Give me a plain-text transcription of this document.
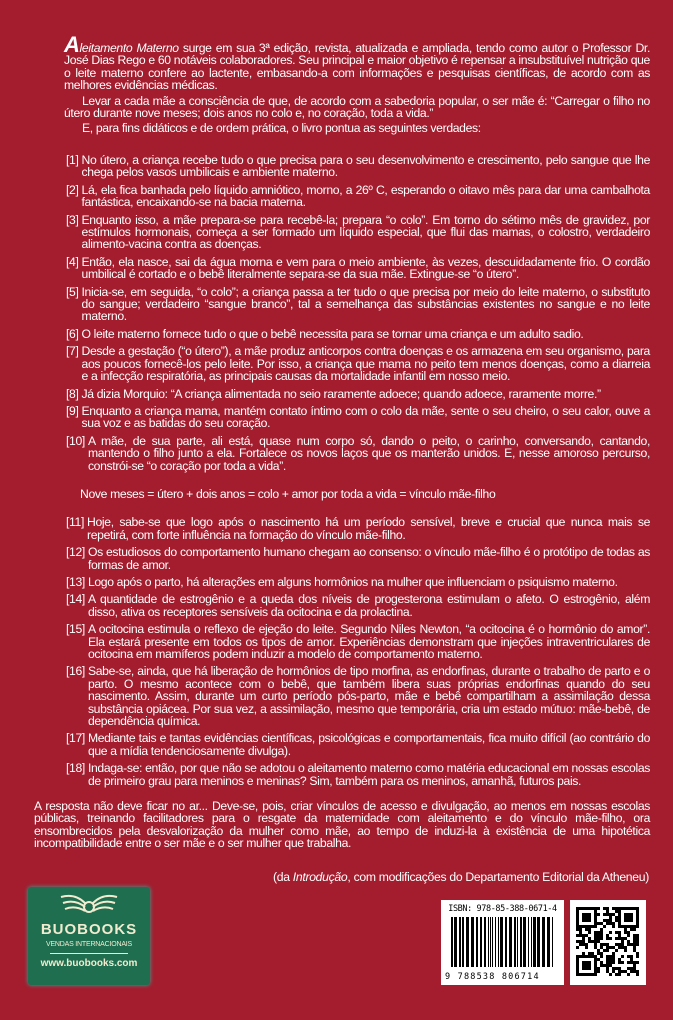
Aleitamento Materno surge em sua 3ª edição, revista, atualizada e ampliada, tendo como autor o Professor Dr. José Dias Rego e 60 notáveis colaboradores. Seu principal e maior objetivo é repensar a insubstituível nutrição que o leite materno confere ao lactente, embasando-a com informações e pesquisas científicas, de acordo com as melhores evidências médicas.

Levar a cada mãe a consciência de que, de acordo com a sabedoria popular, o ser mãe é: “Carregar o filho no útero durante nove meses; dois anos no colo e, no coração, toda a vida.”

E, para fins didáticos e de ordem prática, o livro pontua as seguintes verdades:

[1] No útero, a criança recebe tudo o que precisa para o seu desenvolvimento e crescimento, pelo sangue que lhe chega pelos vasos umbilicais e ambiente materno.
[2] Lá, ela fica banhada pelo líquido amniótico, morno, a 26º C, esperando o oitavo mês para dar uma cambalhota fantástica, encaixando-se na bacia materna.
[3] Enquanto isso, a mãe prepara-se para recebê-la; prepara “o colo”. Em torno do sétimo mês de gravidez, por estímulos hormonais, começa a ser formado um líquido especial, que flui das mamas, o colostro, verdadeiro alimento-vacina contra as doenças.
[4] Então, ela nasce, sai da água morna e vem para o meio ambiente, às vezes, descuidadamente frio. O cordão umbilical é cortado e o bebê literalmente separa-se da sua mãe. Extingue-se “o útero”.
[5] Inicia-se, em seguida, “o colo”; a criança passa a ter tudo o que precisa por meio do leite materno, o substituto do sangue; verdadeiro “sangue branco”, tal a semelhança das substâncias existentes no sangue e no leite materno.
[6] O leite materno fornece tudo o que o bebê necessita para se tornar uma criança e um adulto sadio.
[7] Desde a gestação (“o útero”), a mãe produz anticorpos contra doenças e os armazena em seu organismo, para aos poucos fornecê-los pelo leite. Por isso, a criança que mama no peito tem menos doenças, como a diarreia e a infecção respiratória, as principais causas da mortalidade infantil em nosso meio.
[8] Já dizia Morquio: “A criança alimentada no seio raramente adoece; quando adoece, raramente morre.”
[9] Enquanto a criança mama, mantém contato íntimo com o colo da mãe, sente o seu cheiro, o seu calor, ouve a sua voz e as batidas do seu coração.
[10] A mãe, de sua parte, ali está, quase num corpo só, dando o peito, o carinho, conversando, cantando, mantendo o filho junto a ela. Fortalece os novos laços que os manterão unidos. E, nesse amoroso percurso, constrói-se “o coração por toda a vida”.
Nove meses = útero + dois anos = colo + amor por toda a vida = vínculo mãe-filho
[11] Hoje, sabe-se que logo após o nascimento há um período sensível, breve e crucial que nunca mais se repetirá, com forte influência na formação do vínculo mãe-filho.
[12] Os estudiosos do comportamento humano chegam ao consenso: o vínculo mãe-filho é o protótipo de todas as formas de amor.
[13] Logo após o parto, há alterações em alguns hormônios na mulher que influenciam o psiquismo materno.
[14] A quantidade de estrogênio e a queda dos níveis de progesterona estimulam o afeto. O estrogênio, além disso, ativa os receptores sensíveis da ocitocina e da prolactina.
[15] A ocitocina estimula o reflexo de ejeção do leite. Segundo Niles Newton, “a ocitocina é o hormônio do amor”. Ela estará presente em todos os tipos de amor. Experiências demonstram que injeções intraventriculares de ocitocina em mamíferos podem induzir a modelo de comportamento materno.
[16] Sabe-se, ainda, que há liberação de hormônios de tipo morfina, as endorfinas, durante o trabalho de parto e o parto. O mesmo acontece com o bebê, que também libera suas próprias endorfinas quando do seu nascimento. Assim, durante um curto período pós-parto, mãe e bebê compartilham a assimilação dessa substância opiácea. Por sua vez, a assimilação, mesmo que temporária, cria um estado mútuo: mãe-bebê, de dependência química.
[17] Mediante tais e tantas evidências científicas, psicológicas e comportamentais, fica muito difícil (ao contrário do que a mídia tendenciosamente divulga).
[18] Indaga-se: então, por que não se adotou o aleitamento materno como matéria educacional em nossas escolas de primeiro grau para meninos e meninas? Sim, também para os meninos, amanhã, futuros pais.
A resposta não deve ficar no ar... Deve-se, pois, criar vínculos de acesso e divulgação, ao menos em nossas escolas públicas, treinando facilitadores para o resgate da maternidade com aleitamento e do vínculo mãe-filho, ora ensombrecidos pela desvalorização da mulher como mãe, ao tempo de induzi-la à existência de uma hipotética incompatibilidade entre o ser mãe e o ser mulher que trabalha.
(da Introdução, com modificações do Departamento Editorial da Atheneu)
BUOBOOKS
VENDAS INTERNACIONAIS
www.buobooks.com
ISBN: 978-85-388-0671-4
9 788538 806714
